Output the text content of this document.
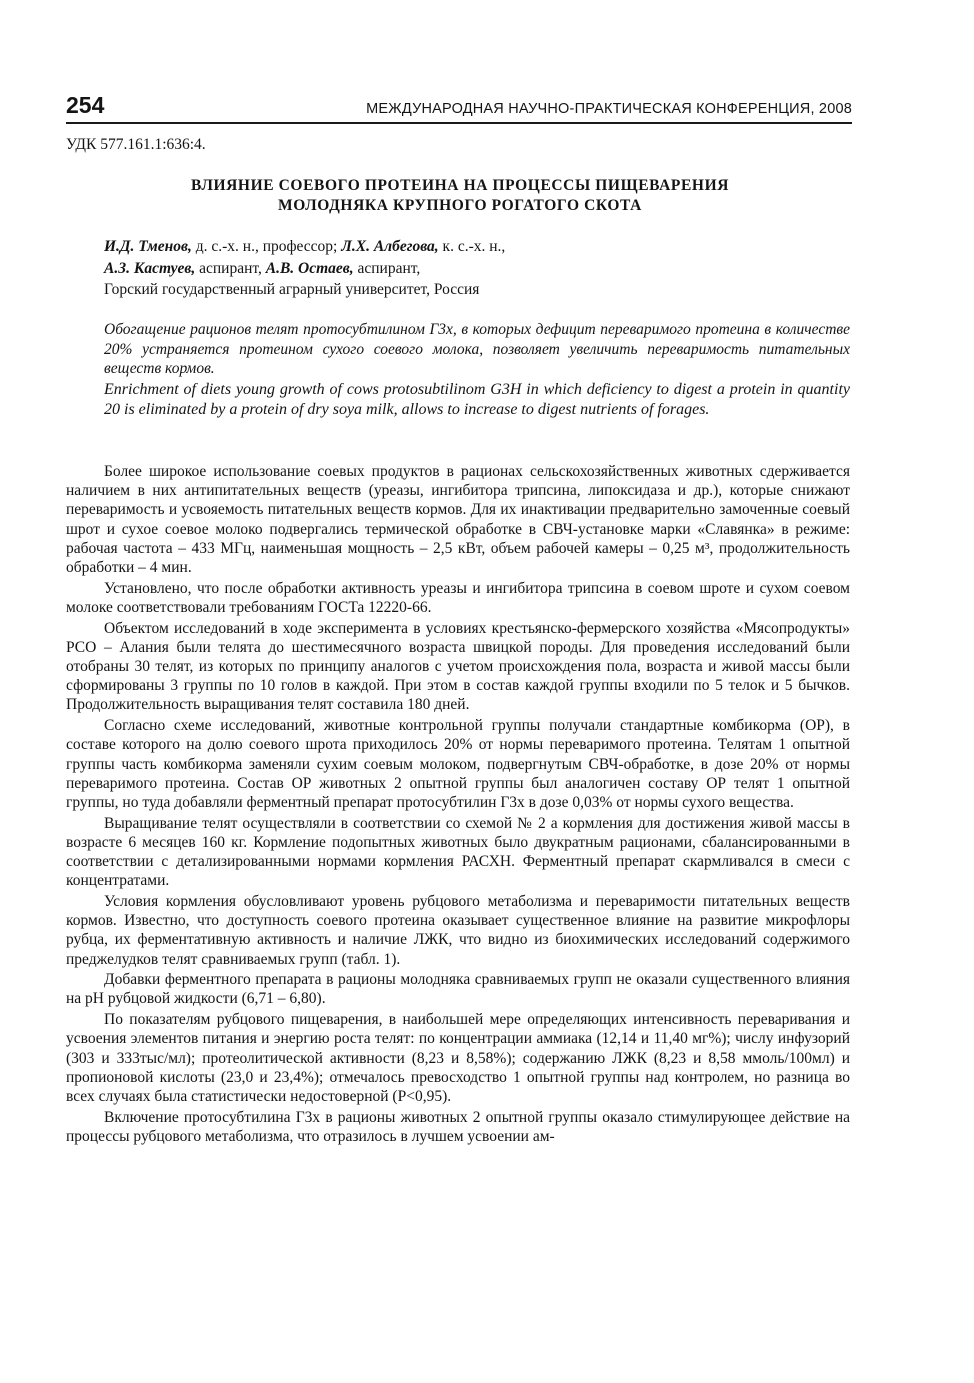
254	МЕЖДУНАРОДНАЯ НАУЧНО-ПРАКТИЧЕСКАЯ КОНФЕРЕНЦИЯ, 2008
УДК 577.161.1:636:4.
ВЛИЯНИЕ СОЕВОГО ПРОТЕИНА НА ПРОЦЕССЫ ПИЩЕВАРЕНИЯ
МОЛОДНЯКА КРУПНОГО РОГАТОГО СКОТА
И.Д. Тменов, д. с.-х. н., профессор; Л.Х. Албегова, к. с.-х. н.,
А.З. Кастуев, аспирант, А.В. Остаев, аспирант,
Горский государственный аграрный университет, Россия

Обогащение рационов телят протосубтилином Г3х, в которых дефицит переваримого протеина в количестве 20% устраняется протеином сухого соевого молока, позволяет увеличить переваримость питательных веществ кормов.

Enrichment of diets young growth of cows protosubtilinom G3H in which deficiency to digest a protein in quantity 20 is eliminated by a protein of dry soya milk, allows to increase to digest nutrients of forages.

Более широкое использование соевых продуктов в рационах сельскохозяйственных животных сдерживается наличием в них антипитательных веществ (уреазы, ингибитора трипсина, липоксидаза и др.), которые снижают переваримость и усвояемость питательных веществ кормов. Для их инактивации предварительно замоченные соевый шрот и сухое соевое молоко подвергались термической обработке в СВЧ-установке марки «Славянка» в режиме: рабочая частота – 433 МГц, наименьшая мощность – 2,5 кВт, объем рабочей камеры – 0,25 м³, продолжительность обработки – 4 мин.

Установлено, что после обработки активность уреазы и ингибитора трипсина в соевом шроте и сухом соевом молоке соответствовали требованиям ГОСТа 12220-66.

Объектом исследований в ходе эксперимента в условиях крестьянско-фермерского хозяйства «Мясопродукты» РСО – Алания были телята до шестимесячного возраста швицкой породы. Для проведения исследований были отобраны 30 телят, из которых по принципу аналогов с учетом происхождения пола, возраста и живой массы были сформированы 3 группы по 10 голов в каждой. При этом в состав каждой группы входили по 5 телок и 5 бычков. Продолжительность выращивания телят составила 180 дней.

Согласно схеме исследований, животные контрольной группы получали стандартные комбикорма (ОР), в составе которого на долю соевого шрота приходилось 20% от нормы переваримого протеина. Телятам 1 опытной группы часть комбикорма заменяли сухим соевым молоком, подвергнутым СВЧ-обработке, в дозе 20% от нормы переваримого протеина. Состав ОР животных 2 опытной группы был аналогичен составу ОР телят 1 опытной группы, но туда добавляли ферментный препарат протосубтилин Г3х в дозе 0,03% от нормы сухого вещества.

Выращивание телят осуществляли в соответствии со схемой № 2 а кормления для достижения живой массы в возрасте 6 месяцев 160 кг. Кормление подопытных животных было двукратным рационами, сбалансированными в соответствии с детализированными нормами кормления РАСХН. Ферментный препарат скармливался в смеси с концентратами.

Условия кормления обусловливают уровень рубцового метаболизма и переваримости питательных веществ кормов. Известно, что доступность соевого протеина оказывает существенное влияние на развитие микрофлоры рубца, их ферментативную активность и наличие ЛЖК, что видно из биохимических исследований содержимого преджелудков телят сравниваемых групп (табл. 1).

Добавки ферментного препарата в рационы молодняка сравниваемых групп не оказали существенного влияния на pH рубцовой жидкости (6,71 – 6,80).

По показателям рубцового пищеварения, в наибольшей мере определяющих интенсивность переваривания и усвоения элементов питания и энергию роста телят: по концентрации аммиака (12,14 и 11,40 мг%); числу инфузорий (303 и 333тыс/мл); протеолитической активности (8,23 и 8,58%); содержанию ЛЖК (8,23 и 8,58 ммоль/100мл) и пропионовой кислоты (23,0 и 23,4%); отмечалось превосходство 1 опытной группы над контролем, но разница во всех случаях была статистически недостоверной (P<0,95).

Включение протосубтилина Г3х в рационы животных 2 опытной группы оказало стимулирующее действие на процессы рубцового метаболизма, что отразилось в лучшем усвоении ам-
